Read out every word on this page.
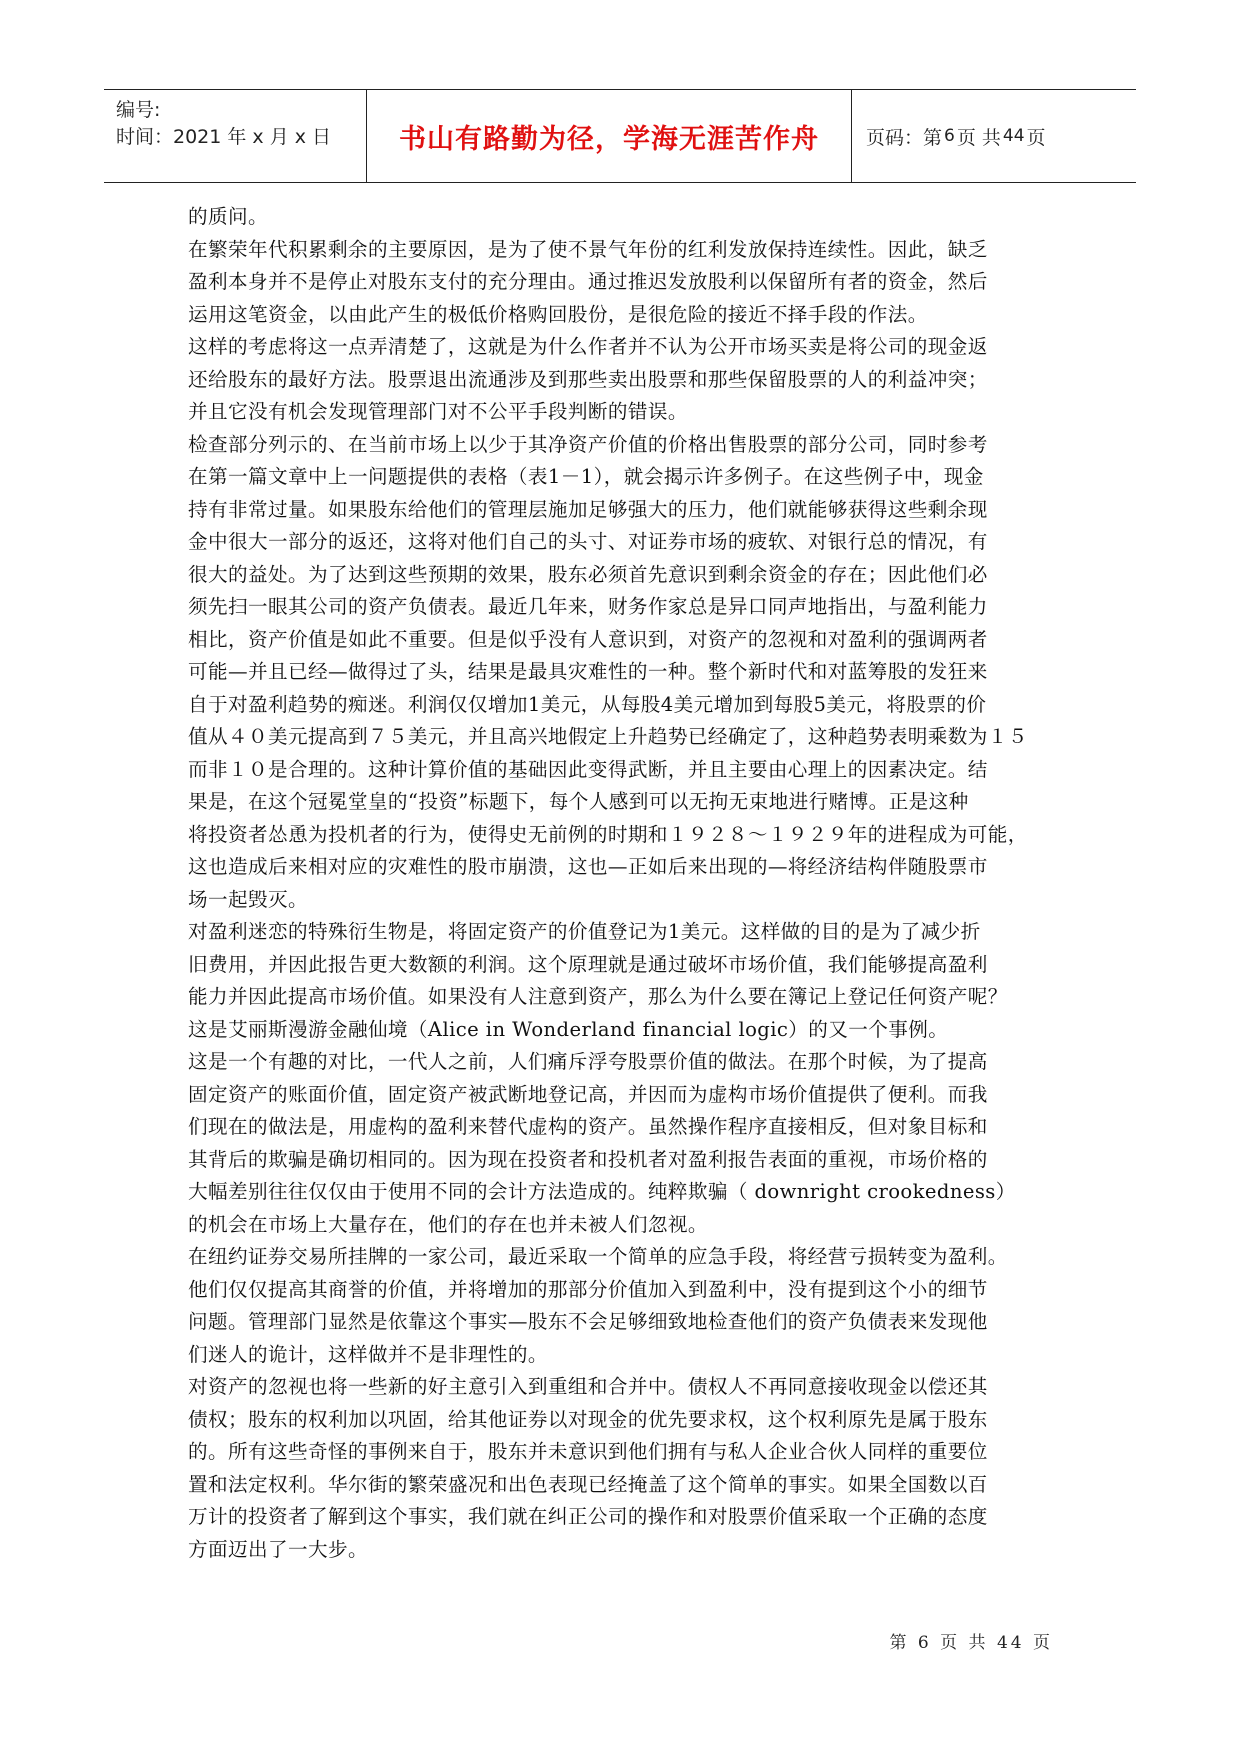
编号:
时间：2021 年 x 月 x 日	书山有路勤为径，学海无涯苦作舟	页码：第 6 页 共 44 页

的质问。

在繁荣年代积累剩余的主要原因，是为了使不景气年份的红利发放保持连续性。因此，缺乏
盈利本身并不是停止对股东支付的充分理由。通过推迟发放股利以保留所有者的资金，然后
运用这笔资金，以由此产生的极低价格购回股份，是很危险的接近不择手段的作法。

这样的考虑将这一点弄清楚了，这就是为什么作者并不认为公开市场买卖是将公司的现金返
还给股东的最好方法。股票退出流通涉及到那些卖出股票和那些保留股票的人的利益冲突；
并且它没有机会发现管理部门对不公平手段判断的错误。

检查部分列示的、在当前市场上以少于其净资产价值的价格出售股票的部分公司，同时参考
在第一篇文章中上一问题提供的表格（表1－1），就会揭示许多例子。在这些例子中，现金
持有非常过量。如果股东给他们的管理层施加足够强大的压力，他们就能够获得这些剩余现
金中很大一部分的返还，这将对他们自己的头寸、对证券市场的疲软、对银行总的情况，有
很大的益处。为了达到这些预期的效果，股东必须首先意识到剩余资金的存在；因此他们必
须先扫一眼其公司的资产负债表。最近几年来，财务作家总是异口同声地指出，与盈利能力
相比，资产价值是如此不重要。但是似乎没有人意识到，对资产的忽视和对盈利的强调两者
可能—并且已经—做得过了头，结果是最具灾难性的一种。整个新时代和对蓝筹股的发狂来
自于对盈利趋势的痴迷。利润仅仅增加1美元，从每股4美元增加到每股5美元，将股票的价
值从４０美元提高到７５美元，并且高兴地假定上升趋势已经确定了，这种趋势表明乘数为１５
而非１０是合理的。这种计算价值的基础因此变得武断，并且主要由心理上的因素决定。结
果是，在这个冠冕堂皇的“投资”标题下，每个人感到可以无拘无束地进行赌博。正是这种
将投资者怂恿为投机者的行为，使得史无前例的时期和１９２８～１９２９年的进程成为可能，
这也造成后来相对应的灾难性的股市崩溃，这也—正如后来出现的—将经济结构伴随股票市
场一起毁灭。

对盈利迷恋的特殊衍生物是，将固定资产的价值登记为1美元。这样做的目的是为了减少折
旧费用，并因此报告更大数额的利润。这个原理就是通过破坏市场价值，我们能够提高盈利
能力并因此提高市场价值。如果没有人注意到资产，那么为什么要在簿记上登记任何资产呢？
这是艾丽斯漫游金融仙境（Alice in Wonderland financial logic）的又一个事例。

这是一个有趣的对比，一代人之前，人们痛斥浮夸股票价值的做法。在那个时候，为了提高
固定资产的账面价值，固定资产被武断地登记高，并因而为虚构市场价值提供了便利。而我
们现在的做法是，用虚构的盈利来替代虚构的资产。虽然操作程序直接相反，但对象目标和
其背后的欺骗是确切相同的。因为现在投资者和投机者对盈利报告表面的重视，市场价格的
大幅差别往往仅仅由于使用不同的会计方法造成的。纯粹欺骗（ downright crookedness）
的机会在市场上大量存在，他们的存在也并未被人们忽视。

在纽约证券交易所挂牌的一家公司，最近采取一个简单的应急手段，将经营亏损转变为盈利。
他们仅仅提高其商誉的价值，并将增加的那部分价值加入到盈利中，没有提到这个小的细节
问题。管理部门显然是依靠这个事实—股东不会足够细致地检查他们的资产负债表来发现他
们迷人的诡计，这样做并不是非理性的。

对资产的忽视也将一些新的好主意引入到重组和合并中。债权人不再同意接收现金以偿还其
债权；股东的权利加以巩固，给其他证券以对现金的优先要求权，这个权利原先是属于股东
的。所有这些奇怪的事例来自于，股东并未意识到他们拥有与私人企业合伙人同样的重要位
置和法定权利。华尔街的繁荣盛况和出色表现已经掩盖了这个简单的事实。如果全国数以百
万计的投资者了解到这个事实，我们就在纠正公司的操作和对股票价值采取一个正确的态度
方面迈出了一大步。

第 6 页 共 44 页
